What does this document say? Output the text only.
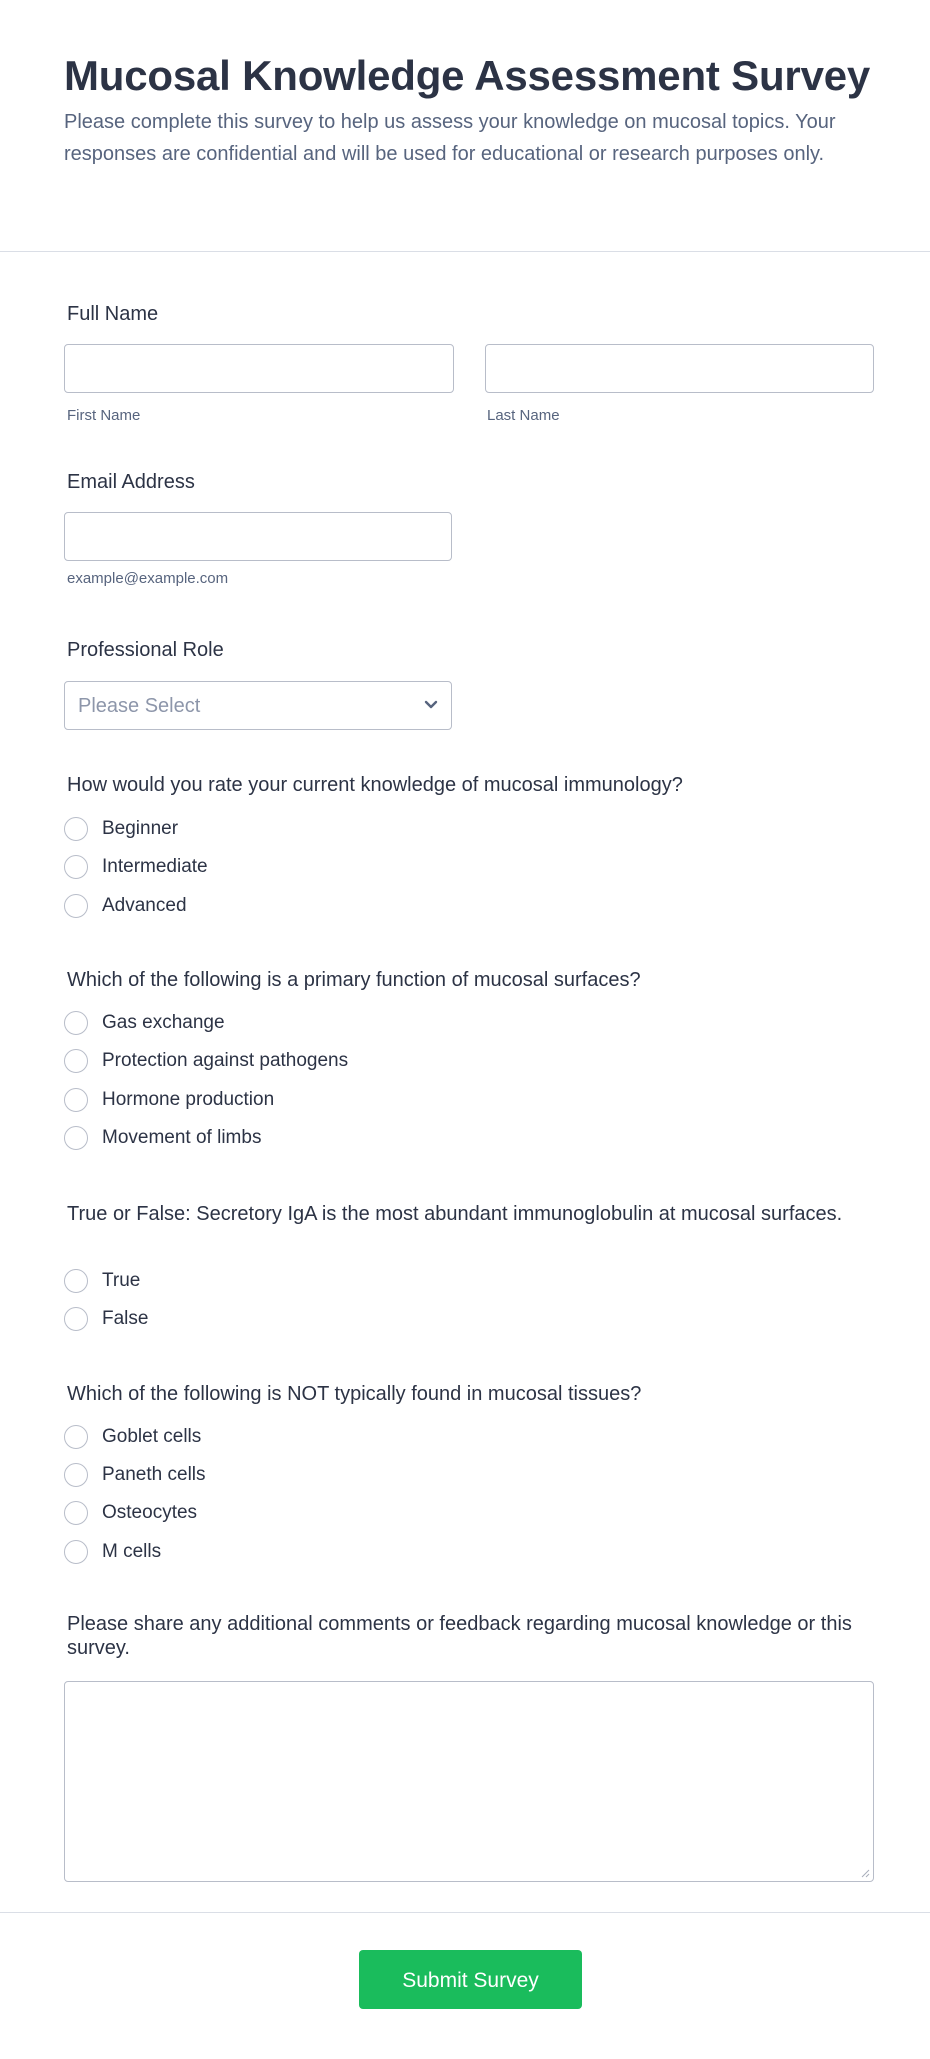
Mucosal Knowledge Assessment Survey
Please complete this survey to help us assess your knowledge on mucosal topics. Your responses are confidential and will be used for educational or research purposes only.
Full Name
First Name	Last Name
Email Address
example@example.com
Professional Role
Please Select
How would you rate your current knowledge of mucosal immunology?
Beginner
Intermediate
Advanced
Which of the following is a primary function of mucosal surfaces?
Gas exchange
Protection against pathogens
Hormone production
Movement of limbs
True or False: Secretory IgA is the most abundant immunoglobulin at mucosal surfaces.
True
False
Which of the following is NOT typically found in mucosal tissues?
Goblet cells
Paneth cells
Osteocytes
M cells
Please share any additional comments or feedback regarding mucosal knowledge or this survey.
Submit Survey
